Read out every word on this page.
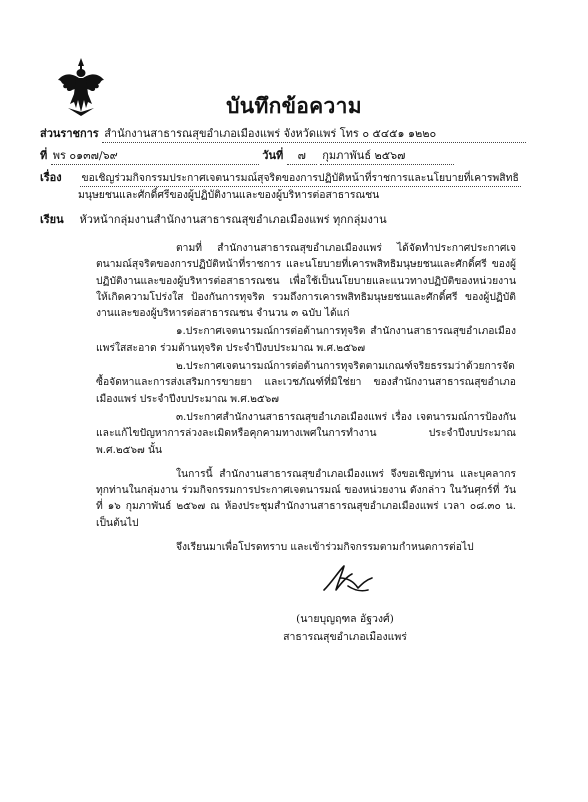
บันทึกข้อความ
ส่วนราชการ สำนักงานสาธารณสุขอำเภอเมืองแพร่ จังหวัดแพร่ โทร ๐ ๕๔๕๑ ๑๒๒๐
ที่ พร ๐๑๓๗/๖๙	วันที่ ๗ กุมภาพันธ์ ๒๕๖๗
เรื่อง ขอเชิญร่วมกิจกรรมประกาศเจตนารมณ์สุจริตของการปฏิบัติหน้าที่ราชการและนโยบายที่เคารพสิทธิ
มนุษยชนและศักดิ์ศรีของผู้ปฏิบัติงานและของผู้บริหารต่อสาธารณชน
เรียน หัวหน้ากลุ่มงานสำนักงานสาธารณสุขอำเภอเมืองแพร่ ทุกกลุ่มงาน

ตามที่ สำนักงานสาธารณสุขอำเภอเมืองแพร่ ได้จัดทำประกาศประกาศเจตนามณ์สุจริตของการปฏิบัติหน้าที่ราชการ และนโยบายที่เคารพสิทธิมนุษยชนและศักดิ์ศรี ของผู้ปฏิบัติงานและของผู้บริหารต่อสาธารณชน เพื่อใช้เป็นนโยบายและแนวทางปฏิบัติของหน่วยงาน ให้เกิดความโปร่งใส ป้องกันการทุจริต รวมถึงการเคารพสิทธิมนุษยชนและศักดิ์ศรี ของผู้ปฏิบัติงานและของผู้บริหารต่อสาธารณชน จำนวน ๓ ฉบับ ได้แก่

๑.ประกาศเจตนารมณ์การต่อต้านการทุจริต สำนักงานสาธารณสุขอำเภอเมืองแพร่ใสสะอาด ร่วมต้านทุจริต ประจำปีงบประมาณ พ.ศ.๒๕๖๗

๒.ประกาศเจตนารมณ์การต่อต้านการทุจริตตามเกณฑ์จริยธรรมว่าด้วยการจัดซื้อจัดหาและการส่งเสริมการขายยา และเวชภัณฑ์ที่มิใช่ยา ของสำนักงานสาธารณสุขอำเภอเมืองแพร่ ประจำปีงบประมาณ พ.ศ.๒๕๖๗

๓.ประกาศสำนักงานสาธารณสุขอำเภอเมืองแพร่ เรื่อง เจตนารมณ์การป้องกันและแก้ไขปัญหาการล่วงละเมิดหรือคุกคามทางเพศในการทำงาน ประจำปีงบประมาณ พ.ศ.๒๕๖๗ นั้น

ในการนี้ สำนักงานสาธารณสุขอำเภอเมืองแพร่ จึงขอเชิญท่าน และบุคลากรทุกท่านในกลุ่มงาน ร่วมกิจกรรมการประกาศเจตนารมณ์ ของหน่วยงาน ดังกล่าว ในวันศุกร์ที่ วันที่ ๑๖ กุมภาพันธ์ ๒๕๖๗ ณ ห้องประชุมสำนักงานสาธารณสุขอำเภอเมืองแพร่ เวลา ๐๘.๓๐ น. เป็นต้นไป

จึงเรียนมาเพื่อโปรดทราบ และเข้าร่วมกิจกรรมตามกำหนดการต่อไป

(นายบุญฤฑล อัฐวงศ์)
สาธารณสุขอำเภอเมืองแพร่
